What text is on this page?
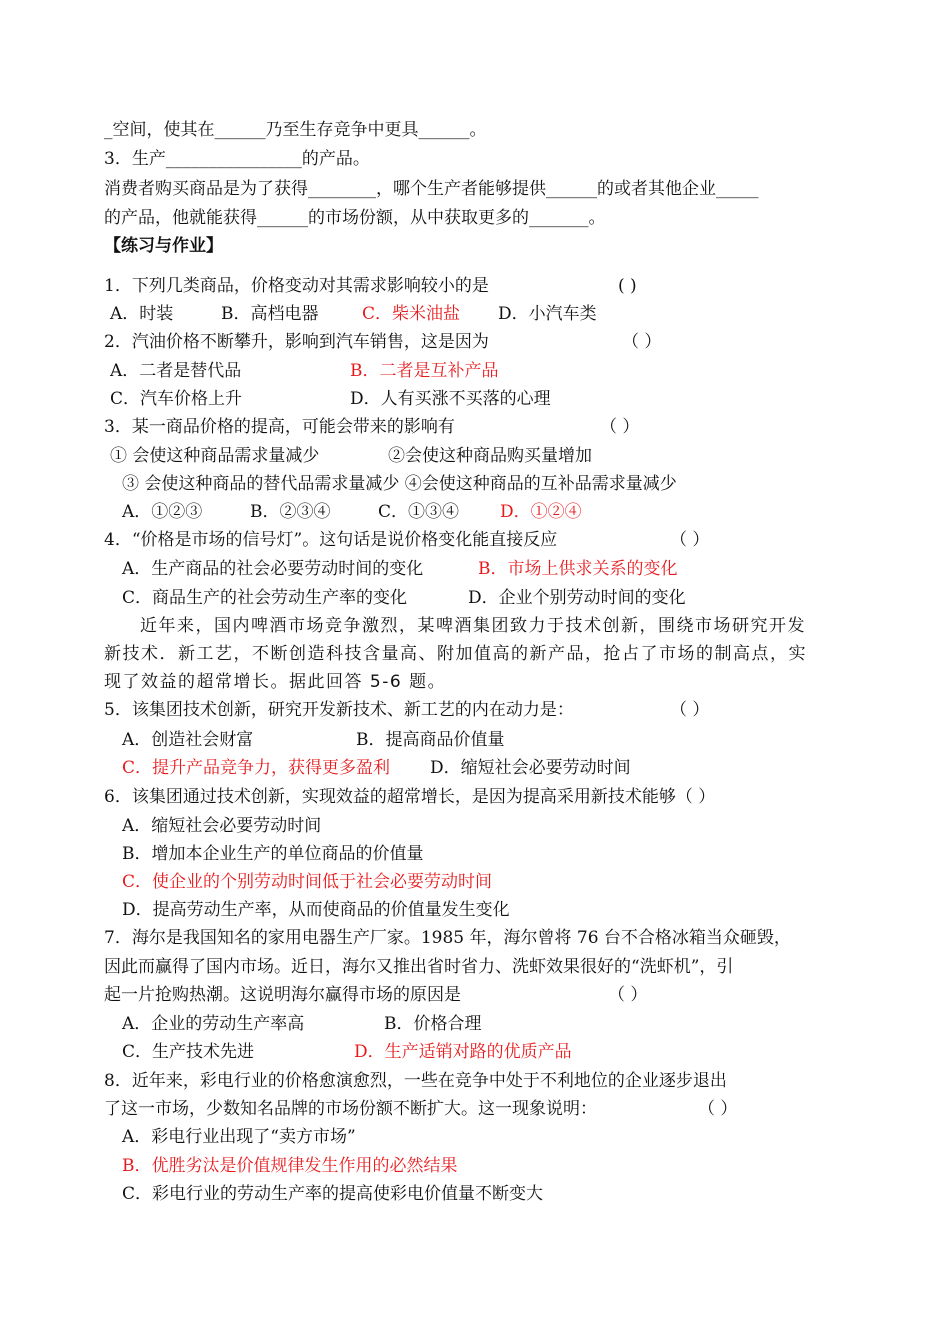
_空间，使其在______乃至生存竞争中更具______。
3．生产________________的产品。
消费者购买商品是为了获得________，哪个生产者能够提供______的或者其他企业_____
的产品，他就能获得______的市场份额，从中获取更多的_______。
【练习与作业】
1．下列几类商品，价格变动对其需求影响较小的是	( )
A．时装	B．高档电器	C．柴米油盐 D．小汽车类
2．汽油价格不断攀升，影响到汽车销售，这是因为	（ ）
A．二者是替代品	B．二者是互补产品
C．汽车价格上升	D．人有买涨不买落的心理
3．某一商品价格的提高，可能会带来的影响有	（ ）
① 会使这种商品需求量减少	②会使这种商品购买量增加
③ 会使这种商品的替代品需求量减少 ④会使这种商品的互补品需求量减少
A．①②③	B．②③④	C．①③④ D．①②④
4．“价格是市场的信号灯”。这句话是说价格变化能直接反应	（ ）
A．生产商品的社会必要劳动时间的变化	B．市场上供求关系的变化
C．商品生产的社会劳动生产率的变化	D．企业个别劳动时间的变化
近年来，国内啤酒市场竞争激烈，某啤酒集团致力于技术创新，围绕市场研究开发
新技术．新工艺，不断创造科技含量高、附加值高的新产品，抢占了市场的制高点，实
现了效益的超常增长。据此回答 5-6 题。
5．该集团技术创新，研究开发新技术、新工艺的内在动力是：	（ ）
A．创造社会财富	B．提高商品价值量
C．提升产品竞争力，获得更多盈利 D．缩短社会必要劳动时间
6．该集团通过技术创新，实现效益的超常增长，是因为提高采用新技术能够（ ）
A．缩短社会必要劳动时间
B．增加本企业生产的单位商品的价值量
C．使企业的个别劳动时间低于社会必要劳动时间
D．提高劳动生产率，从而使商品的价值量发生变化
7．海尔是我国知名的家用电器生产厂家。1985 年，海尔曾将 76 台不合格冰箱当众砸毁，
因此而赢得了国内市场。近日，海尔又推出省时省力、洗虾效果很好的“洗虾机”，引
起一片抢购热潮。这说明海尔赢得市场的原因是	（ ）
A．企业的劳动生产率高	B．价格合理
C．生产技术先进	D．生产适销对路的优质产品
8．近年来，彩电行业的价格愈演愈烈，一些在竞争中处于不利地位的企业逐步退出
了这一市场，少数知名品牌的市场份额不断扩大。这一现象说明：	（ ）
A．彩电行业出现了“卖方市场”
B．优胜劣汰是价值规律发生作用的必然结果
C．彩电行业的劳动生产率的提高使彩电价值量不断变大
